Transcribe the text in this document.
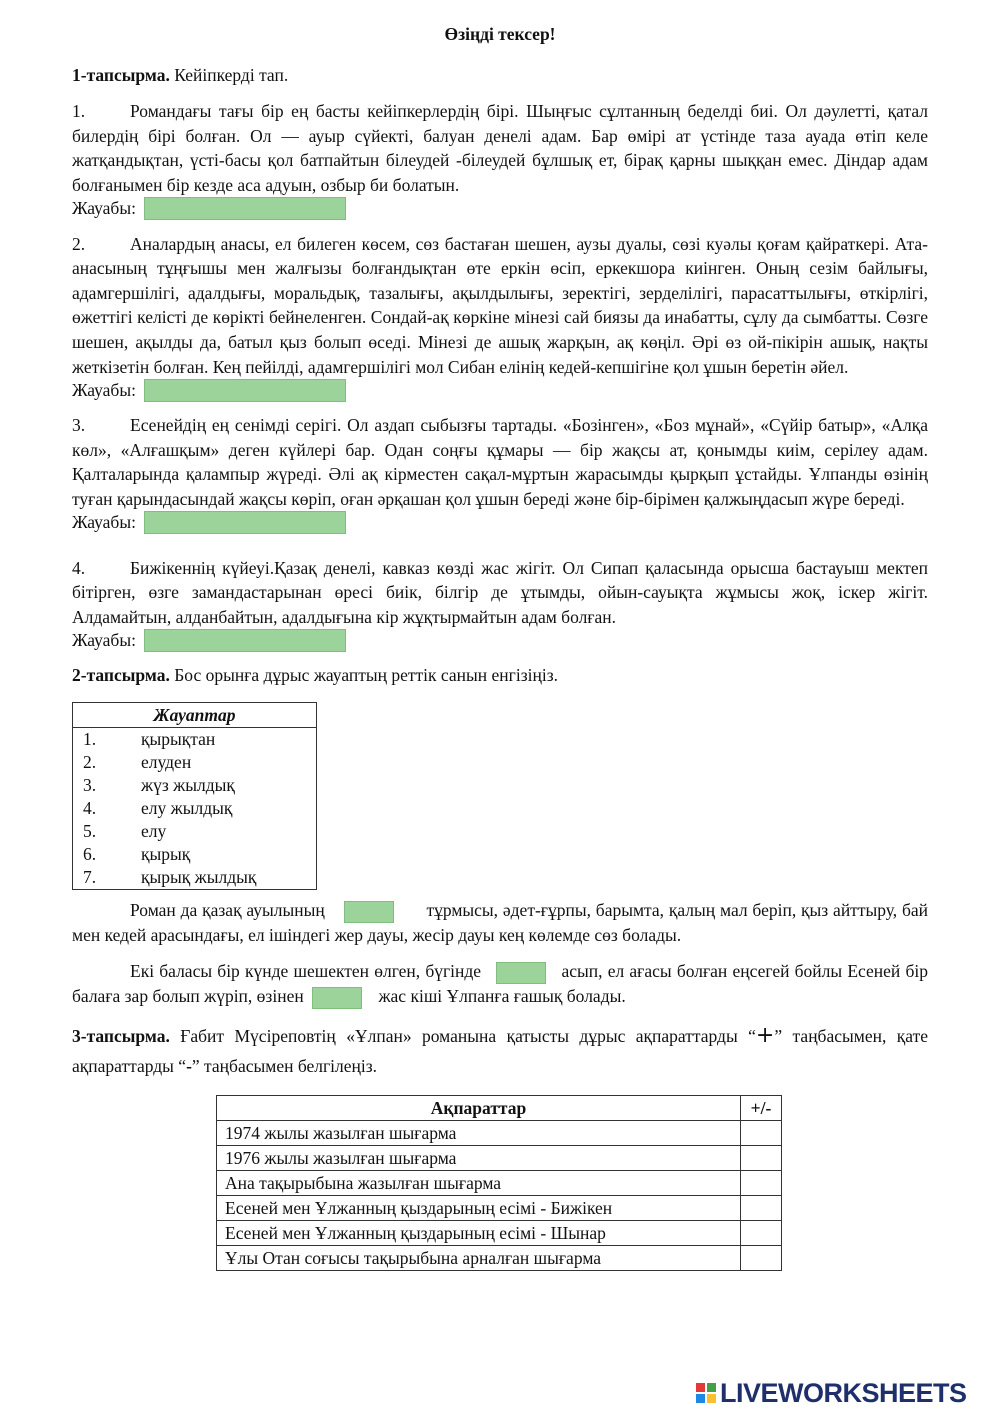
Өзіңді тексер!
1-тапсырма. Кейіпкерді тап.
1.	Романдағы тағы бір ең басты кейіпкерлердің бірі. Шыңғыс сұлтанның беделді биі. Ол дәулетті, қатал билердің бірі болған. Ол — ауыр сүйекті, балуан денелі адам. Бар өмірі ат үстінде таза ауада өтіп келе жатқандықтан, үсті-басы қол батпайтын білеудей -білеудей бұлшық ет, бірақ қарны шыққан емес. Діндар адам болғанымен бір кезде аса адуын, озбыр би болатын.
Жауабы:
2.	Аналардың анасы, ел билеген көсем, сөз бастаған шешен, аузы дуалы, сөзі куәлы қоғам қайраткері. Ата-анасының тұңғышы мен жалғызы болғандықтан өте еркін өсіп, еркекшора киінген. Оның сезім байлығы, адамгершілігі, адалдығы, моральдық, тазалығы, ақылдылығы, зеректігі, зерделілігі, парасаттылығы, өткірлігі, өжеттігі келісті де көрікті бейнеленген. Сондай-ақ көркіне мінезі сай биязы да инабатты, сұлу да сымбатты. Сөзге шешен, ақылды да, батыл қыз болып өседі. Мінезі де ашық жарқын, ақ көңіл. Әрі өз ой-пікірін ашық, нақты жеткізетін болған. Кең пейілді, адамгершілігі мол Сибан елінің кедей-кепшігіне қол ұшын беретін әйел.
Жауабы:
3.	Есенейдің ең сенімді серігі. Ол аздап сыбызғы тартады. «Бозінген», «Боз мұнай», «Сүйір батыр», «Алқа көл», «Алғашқым» деген күйлері бар. Одан соңғы құмары — бір жақсы ат, қонымды киім, серілеу адам. Қалталарында қалампыр жүреді. Әлі ақ кірместен сақал-мұртын жарасымды қырқып ұстайды. Ұлпанды өзінің туған қарындасындай жақсы көріп, оған әрқашан қол ұшын береді және бір-бірімен қалжыңдасып жүре береді.
Жауабы:
4.	Бижікеннің күйеуі.Қазақ денелі, кавказ көзді жас жігіт. Ол Сипап қаласында орысша бастауыш мектеп бітірген, өзге замандастарынан өресі биік, білгір де ұтымды, ойын-сауықта жұмысы жоқ, іскер жігіт. Алдамайтын, алданбайтын, адалдығына кір жұқтырмайтын адам болған.
Жауабы:
2-тапсырма. Бос орынға дұрыс жауаптың реттік санын енгізіңіз.
Жауаптар	
1.	қырықтан
2.	елуден
3.	жүз жылдық
4.	елу жылдық
5.	елу
6.	қырық
7.	қырық жылдық
Роман да қазақ ауылының	тұрмысы, әдет-ғұрпы, барымта, қалың мал беріп, қыз айттыру, бай мен кедей арасындағы, ел ішіндегі жер дауы, жесір дауы кең көлемде сөз болады.
Екі баласы бір күнде шешектен өлген, бүгінде	асып, ел ағасы болған еңсегей бойлы Есеней бір балаға зар болып жүріп, өзінен	жас кіші Ұлпанға ғашық болады.
3-тапсырма. Ғабит Мүсіреповтің «Ұлпан» романына қатысты дұрыс ақпараттарды “+” таңбасымен, қате ақпараттарды “-” таңбасымен белгілеңіз.
Ақпараттар	+/-
1974 жылы жазылған шығарма	
1976 жылы жазылған шығарма	
Ана тақырыбына жазылған шығарма	
Есеней мен Ұлжанның қыздарының есімі - Бижікен	
Есеней мен Ұлжанның қыздарының есімі - Шынар	
Ұлы Отан соғысы тақырыбына арналған шығарма	
LIVEWORKSHEETS
